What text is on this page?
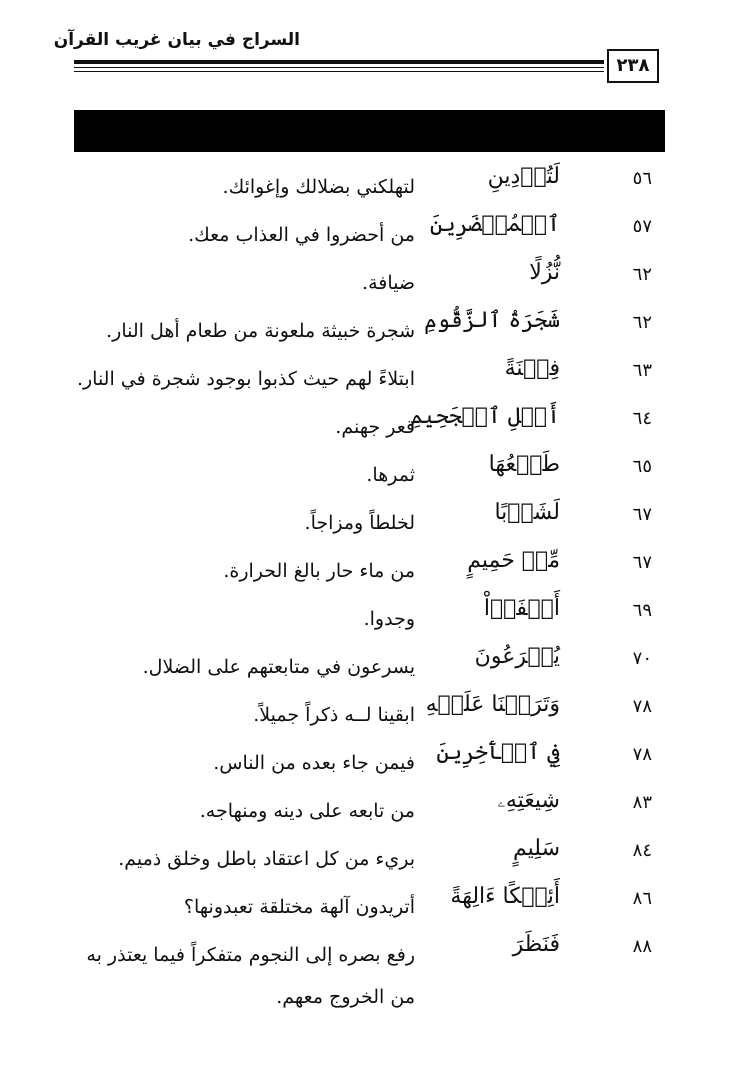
السراج في بيان غريب القرآن
٢٣٨
٥٦
لَتُرۡدِينِ
لتهلكني بضلالك وإغوائك.
٥٧
ٱلۡمُحۡضَرِينَ
من أحضروا في العذاب معك.
٦٢
نُّزُلًا
ضيافة.
٦٢
شَجَرَةُ ٱلزَّقُّومِ
شجرة خبيثة ملعونة من طعام أهل النار.
٦٣
فِتۡنَةً
ابتلاءً لهم حيث كذبوا بوجود شجرة في النار.
٦٤
أَصۡلِ ٱلۡجَحِيمِ
قعر جهنم.
٦٥
طَلۡعُهَا
ثمرها.
٦٧
لَشَوۡبًا
لخلطاً ومزاجاً.
٦٧
مِّنۡ حَمِيمٍ
من ماء حار بالغ الحرارة.
٦٩
أَلۡفَوۡاْ
وجدوا.
٧٠
يُهۡرَعُونَ
يسرعون في متابعتهم على الضلال.
٧٨
وَتَرَكۡنَا عَلَيۡهِ
ابقينا لــه ذكراً جميلاً.
٧٨
فِي ٱلۡأٓخِرِينَ
فيمن جاء بعده من الناس.
٨٣
شِيعَتِهِۦ
من تابعه على دينه ومنهاجه.
٨٤
سَلِيمٍ
بريء من كل اعتقاد باطل وخلق ذميم.
٨٦
أَئِفۡكًا ءَالِهَةً
أتريدون آلهة مختلقة تعبدونها؟
٨٨
فَنَظَرَ
رفع بصره إلى النجوم متفكراً فيما يعتذر به من الخروج معهم.
